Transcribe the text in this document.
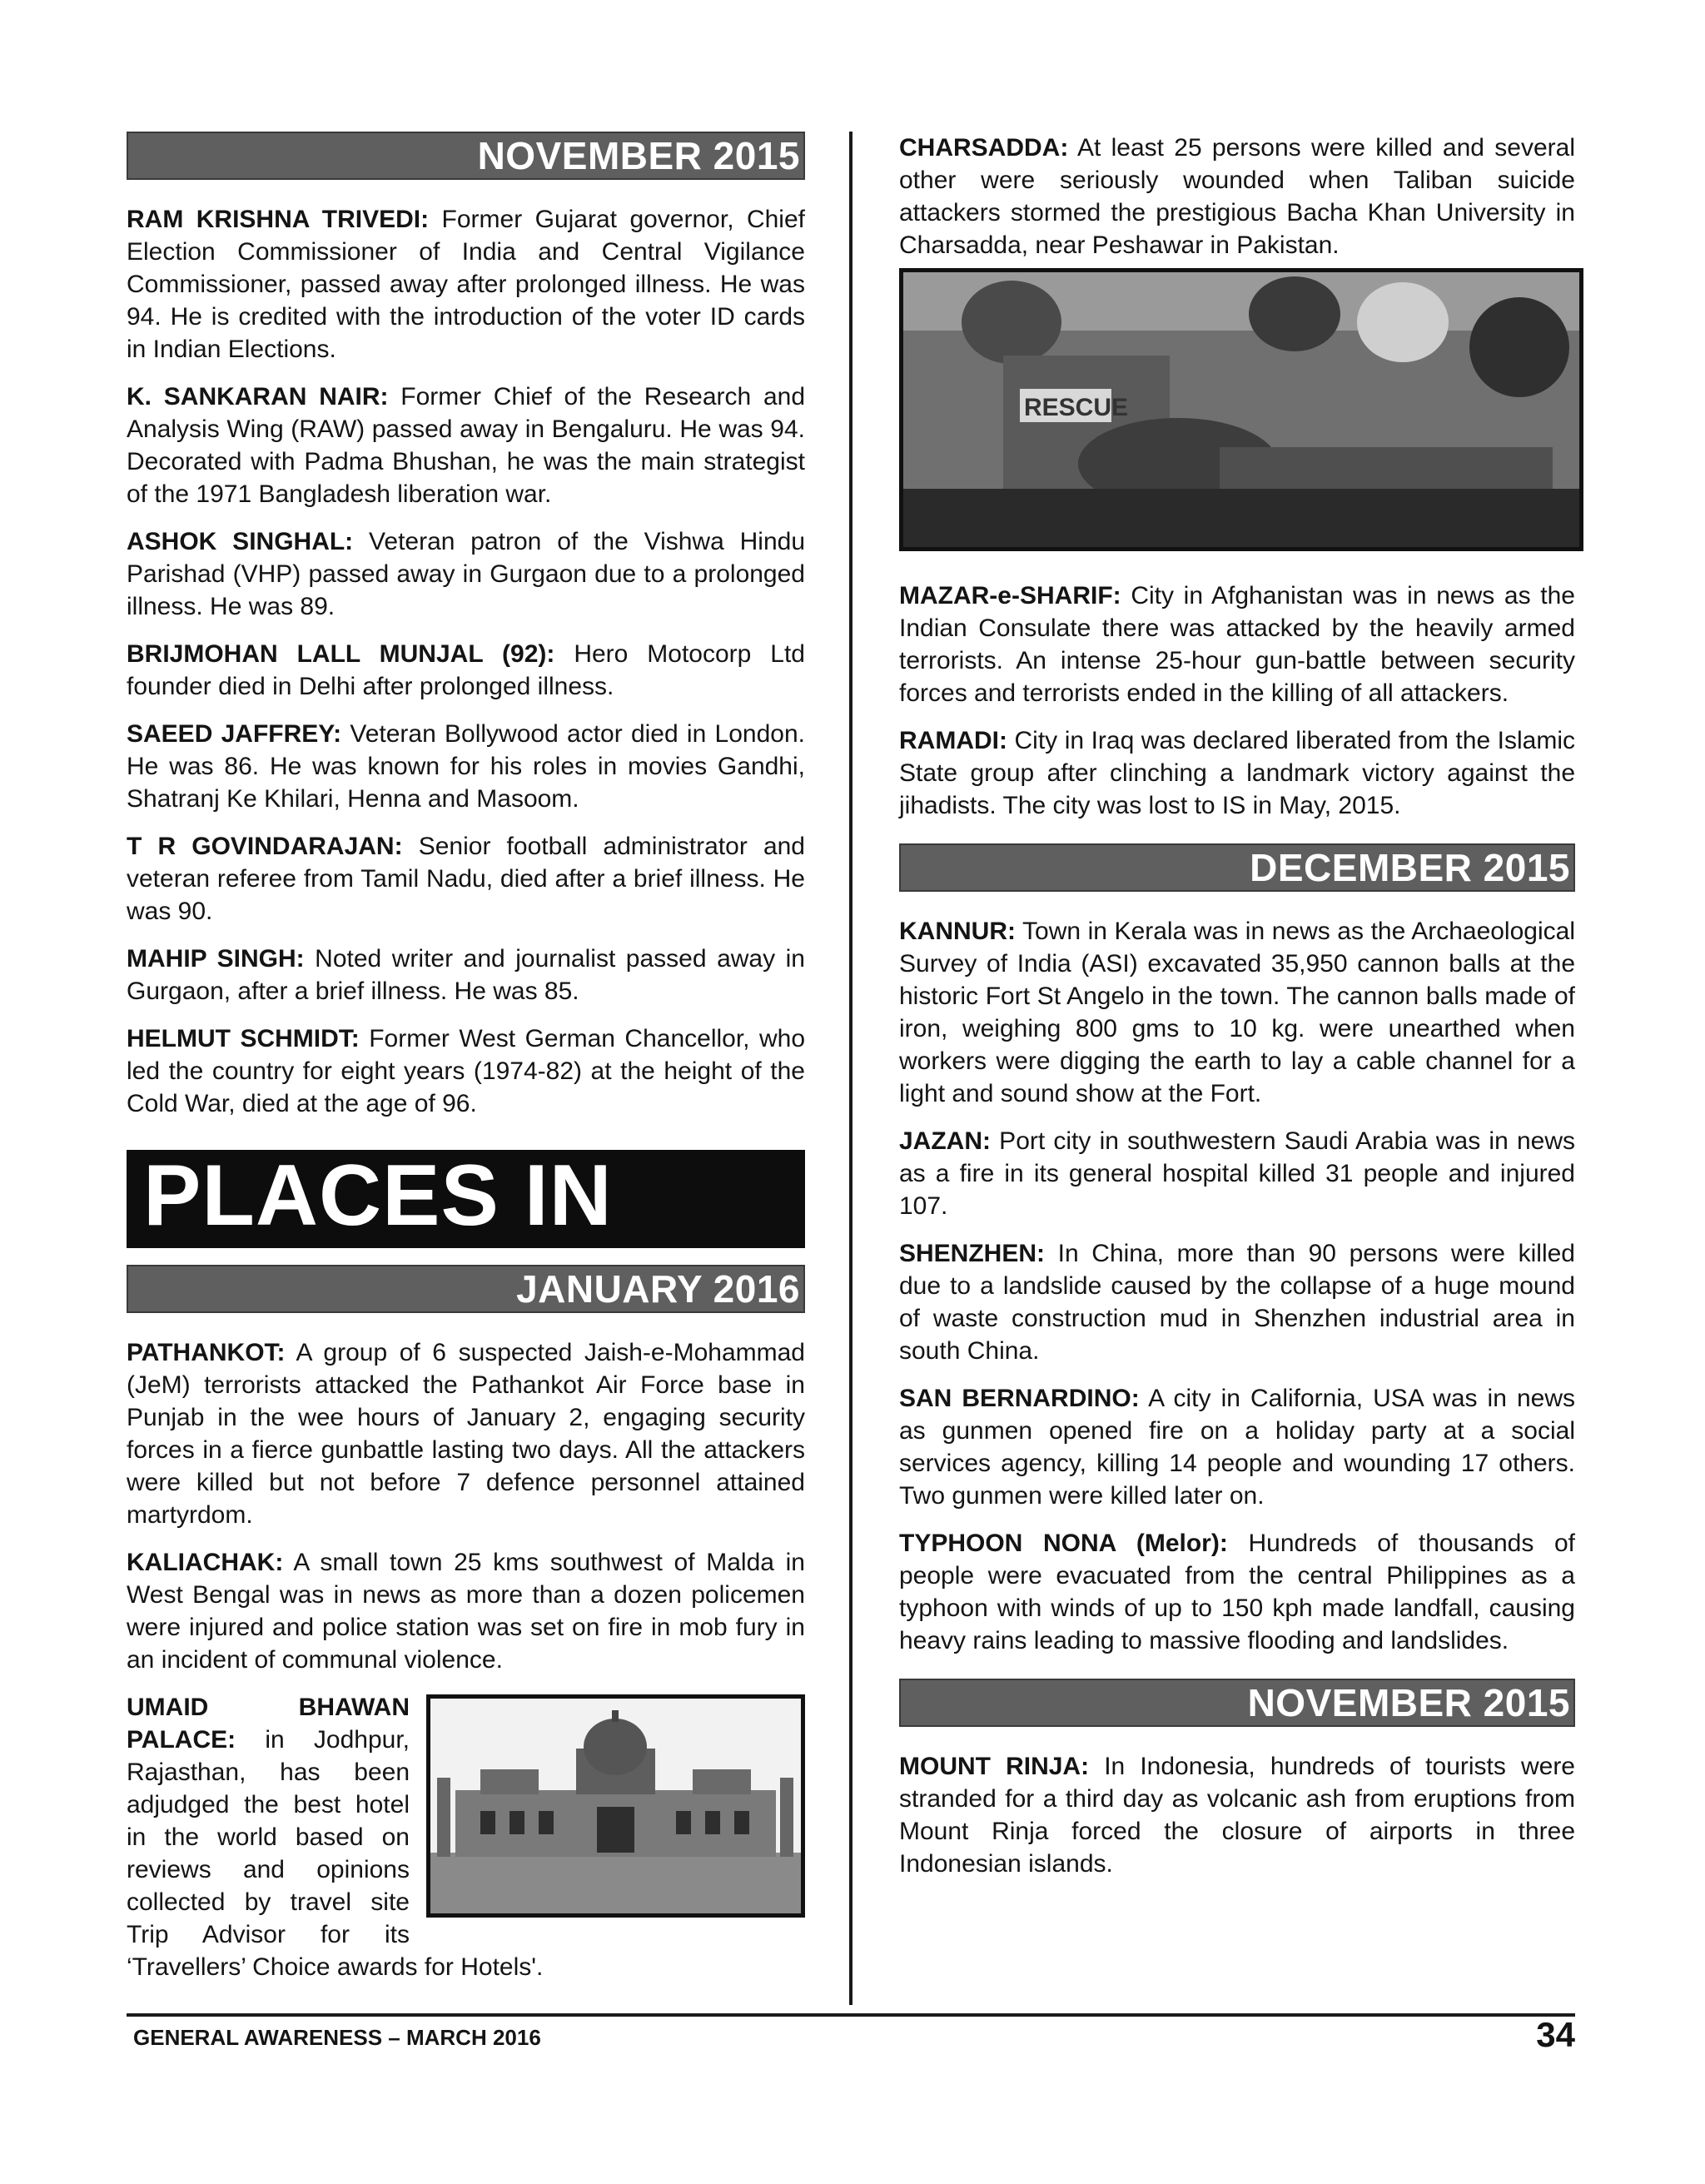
NOVEMBER 2015

RAM KRISHNA TRIVEDI: Former Gujarat governor, Chief Election Commissioner of India and Central Vigilance Commissioner, passed away after prolonged illness. He was 94. He is credited with the introduction of the voter ID cards in Indian Elections.

K. SANKARAN NAIR: Former Chief of the Research and Analysis Wing (RAW) passed away in Bengaluru. He was 94. Decorated with Padma Bhushan, he was the main strategist of the 1971 Bangladesh liberation war.

ASHOK SINGHAL: Veteran patron of the Vishwa Hindu Parishad (VHP) passed away in Gurgaon due to a prolonged illness. He was 89.

BRIJMOHAN LALL MUNJAL (92): Hero Motocorp Ltd founder died in Delhi after prolonged illness.

SAEED JAFFREY: Veteran Bollywood actor died in London. He was 86. He was known for his roles in movies Gandhi, Shatranj Ke Khilari, Henna and Masoom.

T R GOVINDARAJAN: Senior football administrator and veteran referee from Tamil Nadu, died after a brief illness. He was 90.

MAHIP SINGH: Noted writer and journalist passed away in Gurgaon, after a brief illness. He was 85.

HELMUT SCHMIDT: Former West German Chancellor, who led the country for eight years (1974-82) at the height of the Cold War, died at the age of 96.

PLACES IN
JANUARY 2016

PATHANKOT: A group of 6 suspected Jaish-e-Mohammad (JeM) terrorists attacked the Pathankot Air Force base in Punjab in the wee hours of January 2, engaging security forces in a fierce gunbattle lasting two days. All the attackers were killed but not before 7 defence personnel attained martyrdom.

KALIACHAK: A small town 25 kms southwest of Malda in West Bengal was in news as more than a dozen policemen were injured and police station was set on fire in mob fury in an incident of communal violence.

UMAID BHAWAN PALACE: in Jodhpur, Rajasthan, has been adjudged the best hotel in the world based on reviews and opinions collected by travel site Trip Advisor for its ‘Travellers’ Choice awards for Hotels'.

CHARSADDA: At least 25 persons were killed and several other were seriously wounded when Taliban suicide attackers stormed the prestigious Bacha Khan University in Charsadda, near Peshawar in Pakistan.

RESCUE

MAZAR-e-SHARIF: City in Afghanistan was in news as the Indian Consulate there was attacked by the heavily armed terrorists. An intense 25-hour gun-battle between security forces and terrorists ended in the killing of all attackers.

RAMADI: City in Iraq was declared liberated from the Islamic State group after clinching a landmark victory against the jihadists. The city was lost to IS in May, 2015.

DECEMBER 2015

KANNUR: Town in Kerala was in news as the Archaeological Survey of India (ASI) excavated 35,950 cannon balls at the historic Fort St Angelo in the town. The cannon balls made of iron, weighing 800 gms to 10 kg. were unearthed when workers were digging the earth to lay a cable channel for a light and sound show at the Fort.

JAZAN: Port city in southwestern Saudi Arabia was in news as a fire in its general hospital killed 31 people and injured 107.

SHENZHEN: In China, more than 90 persons were killed due to a landslide caused by the collapse of a huge mound of waste construction mud in Shenzhen industrial area in south China.

SAN BERNARDINO: A city in California, USA was in news as gunmen opened fire on a holiday party at a social services agency, killing 14 people and wounding 17 others. Two gunmen were killed later on.

TYPHOON NONA (Melor): Hundreds of thousands of people were evacuated from the central Philippines as a typhoon with winds of up to 150 kph made landfall, causing heavy rains leading to massive flooding and landslides.

NOVEMBER 2015

MOUNT RINJA: In Indonesia, hundreds of tourists were stranded for a third day as volcanic ash from eruptions from Mount Rinja forced the closure of airports in three Indonesian islands.

GENERAL AWARENESS – MARCH 2016	34
